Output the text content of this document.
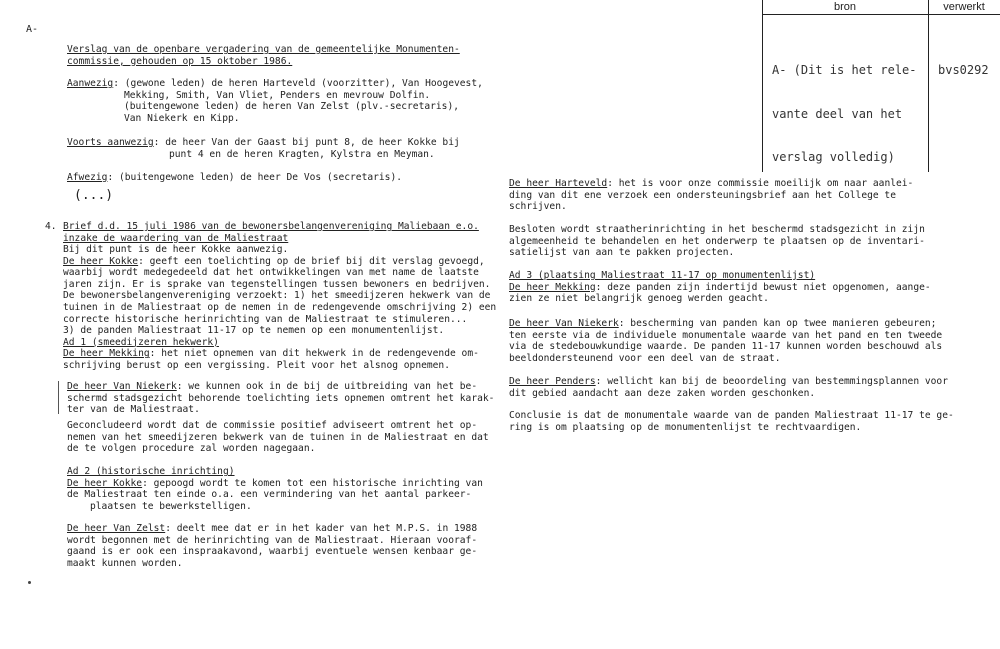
bron	verwerkt

A- (Dit is het rele-

vante deel van het

verslag volledig)

bvs0292
A-
Verslag van de openbare vergadering van de gemeentelijke Monumenten-
commissie, gehouden op 15 oktober 1986.
Aanwezig: (gewone leden) de heren Harteveld (voorzitter), Van Hoogevest,
Mekking, Smith, Van Vliet, Penders en mevrouw Dolfin.
(buitengewone leden) de heren Van Zelst (plv.-secretaris),
Van Niekerk en Kipp.
Voorts aanwezig: de heer Van der Gaast bij punt 8, de heer Kokke bij
punt 4 en de heren Kragten, Kylstra en Meyman.
Afwezig: (buitengewone leden) de heer De Vos (secretaris).
(...)
4. Brief d.d. 15 juli 1986 van de bewonersbelangenvereniging Maliebaan e.o.
inzake de waardering van de Maliestraat
Bij dit punt is de heer Kokke aanwezig.
De heer Kokke: geeft een toelichting op de brief bij dit verslag gevoegd,
waarbij wordt medegedeeld dat het ontwikkelingen van met name de laatste
jaren zijn. Er is sprake van tegenstellingen tussen bewoners en bedrijven.
De bewonersbelangenvereniging verzoekt: 1) het smeedijzeren hekwerk van de
tuinen in de Maliestraat op de nemen in de redengevende omschrijving 2) een
correcte historische herinrichting van de Maliestraat te stimuleren...
3) de panden Maliestraat 11-17 op te nemen op een monumentenlijst.
Ad 1 (smeedijzeren hekwerk)
De heer Mekking: het niet opnemen van dit hekwerk in de redengevende om-
schrijving berust op een vergissing. Pleit voor het alsnog opnemen.
De heer Van Niekerk: we kunnen ook in de bij de uitbreiding van het be-
schermd stadsgezicht behorende toelichting iets opnemen omtrent het karak-
ter van de Maliestraat.
Geconcludeerd wordt dat de commissie positief adviseert omtrent het op-
nemen van het smeedijzeren bekwerk van de tuinen in de Maliestraat en dat
de te volgen procedure zal worden nagegaan.
Ad 2 (historische inrichting)
De heer Kokke: gepoogd wordt te komen tot een historische inrichting van
de Maliestraat ten einde o.a. een vermindering van het aantal parkeer-
plaatsen te bewerkstelligen.
De heer Van Zelst: deelt mee dat er in het kader van het M.P.S. in 1988
wordt begonnen met de herinrichting van de Maliestraat. Hieraan vooraf-
gaand is er ook een inspraakavond, waarbij eventuele wensen kenbaar ge-
maakt kunnen worden.
De heer Harteveld: het is voor onze commissie moeilijk om naar aanlei-
ding van dit ene verzoek een ondersteuningsbrief aan het College te
schrijven.
Besloten wordt straatherinrichting in het beschermd stadsgezicht in zijn
algemeenheid te behandelen en het onderwerp te plaatsen op de inventari-
satielijst van aan te pakken projecten.
Ad 3 (plaatsing Maliestraat 11-17 op monumentenlijst)
De heer Mekking: deze panden zijn indertijd bewust niet opgenomen, aange-
zien ze niet belangrijk genoeg werden geacht.
De heer Van Niekerk: bescherming van panden kan op twee manieren gebeuren;
ten eerste via de individuele monumentale waarde van het pand en ten tweede
via de stedebouwkundige waarde. De panden 11-17 kunnen worden beschouwd als
beeldondersteunend voor een deel van de straat.
De heer Penders: wellicht kan bij de beoordeling van bestemmingsplannen voor
dit gebied aandacht aan deze zaken worden geschonken.
Conclusie is dat de monumentale waarde van de panden Maliestraat 11-17 te ge-
ring is om plaatsing op de monumentenlijst te rechtvaardigen.
